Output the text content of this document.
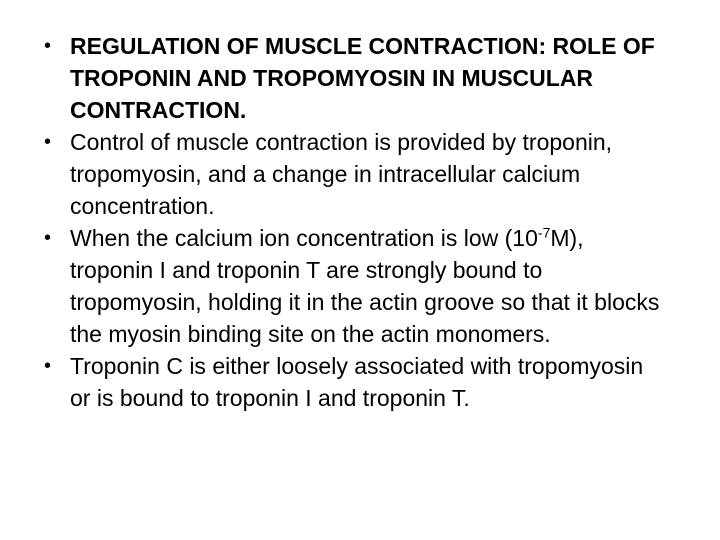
• REGULATION OF MUSCLE CONTRACTION: ROLE OF TROPONIN AND TROPOMYOSIN IN MUSCULAR CONTRACTION.
• Control of muscle contraction is provided by troponin, tropomyosin, and a change in intracellular calcium concentration.
• When the calcium ion concentration is low $(10^{-7}M)$, troponin I and troponin T are strongly bound to tropomyosin, holding it in the actin groove so that it blocks the myosin binding site on the actin monomers.
• Troponin C is either loosely associated with tropomyosin or is bound to troponin I and troponin T.
